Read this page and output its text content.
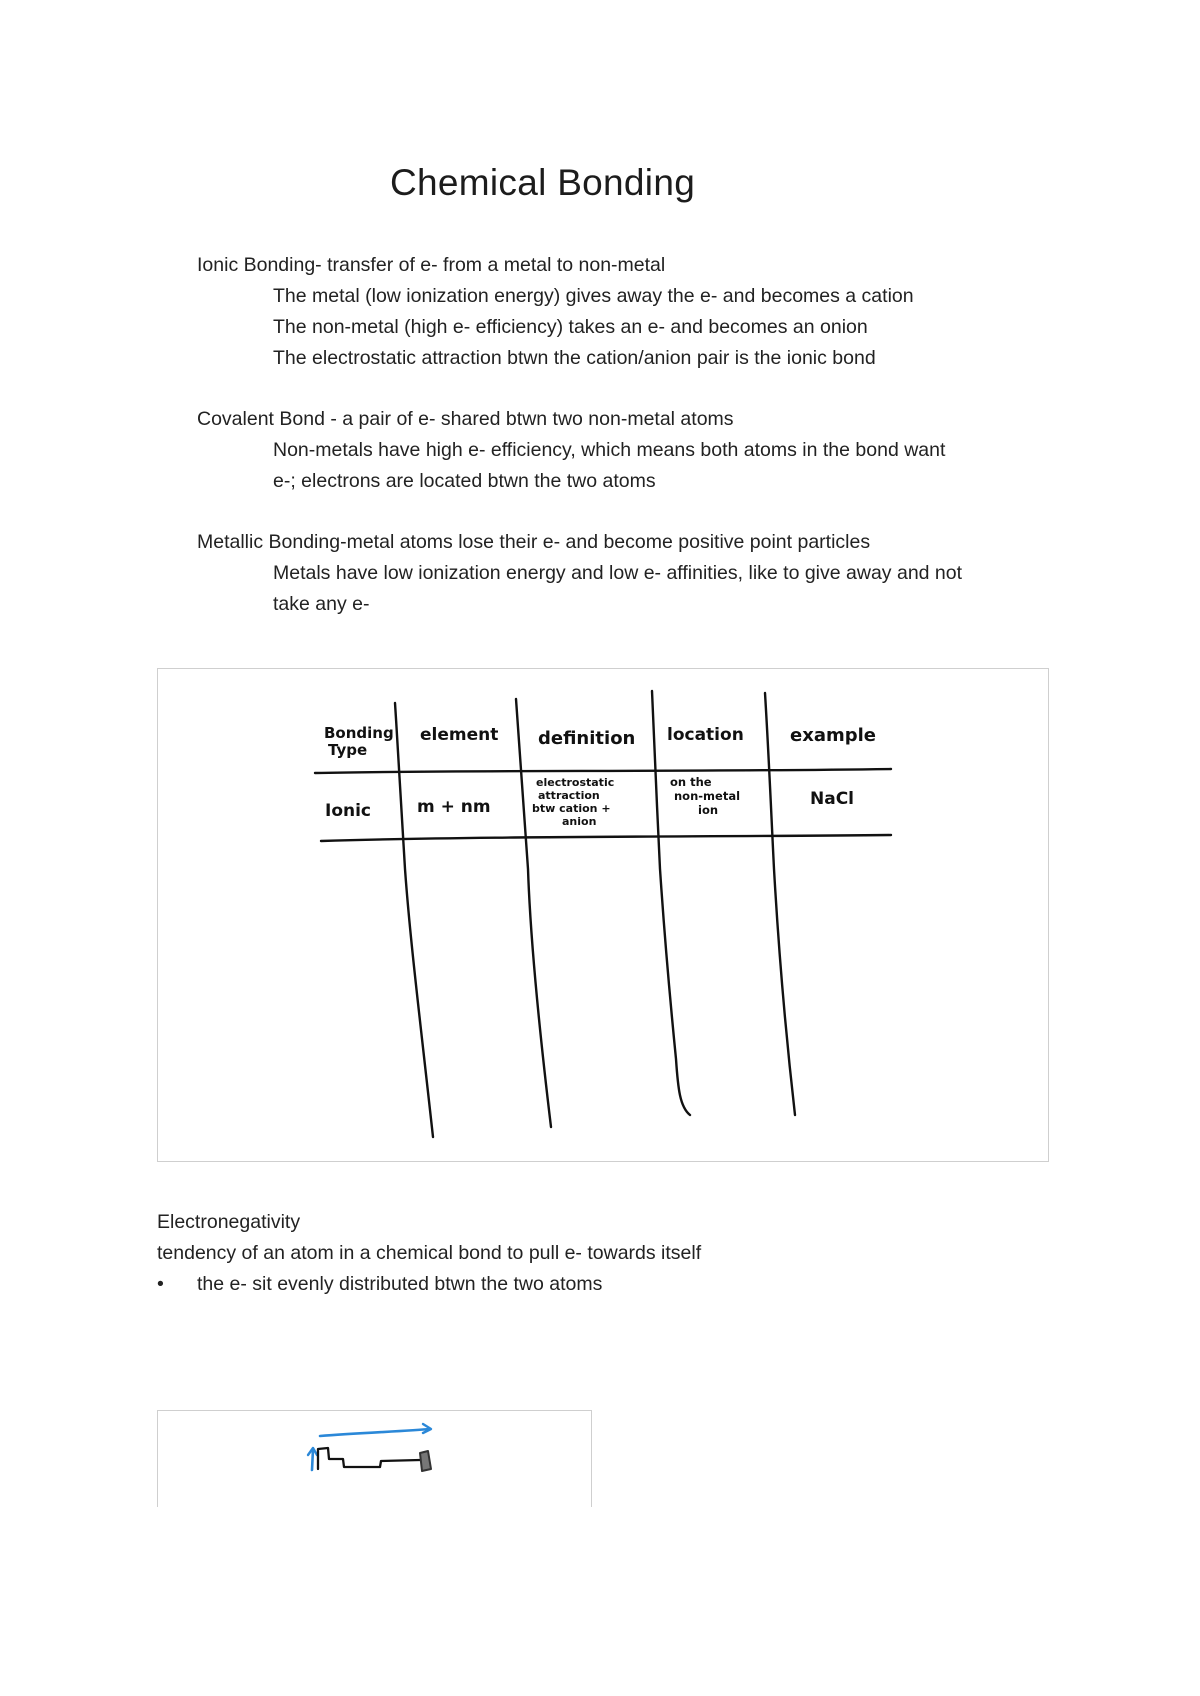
Chemical Bonding
Ionic Bonding- transfer of e- from a metal to non-metal
The metal (low ionization energy) gives away the e- and becomes a cation
The non-metal (high e- efficiency) takes an e- and becomes an onion
The electrostatic attraction btwn the cation/anion pair is the ionic bond
Covalent Bond - a pair of e- shared btwn two non-metal atoms
Non-metals have high e- efficiency, which means both atoms in the bond want
e-; electrons are located btwn the two atoms
Metallic Bonding-metal atoms lose their e- and become positive point particles
Metals have low ionization energy and low e- affinities, like to give away and not
take any e-
Bonding Type
element definition location	example
Ionic	m + nm
electrostatic attraction btw cation + anion
on the non-metal ion
NaCl
Electronegativity
tendency of an atom in a chemical bond to pull e- towards itself
• the e- sit evenly distributed btwn the two atoms
